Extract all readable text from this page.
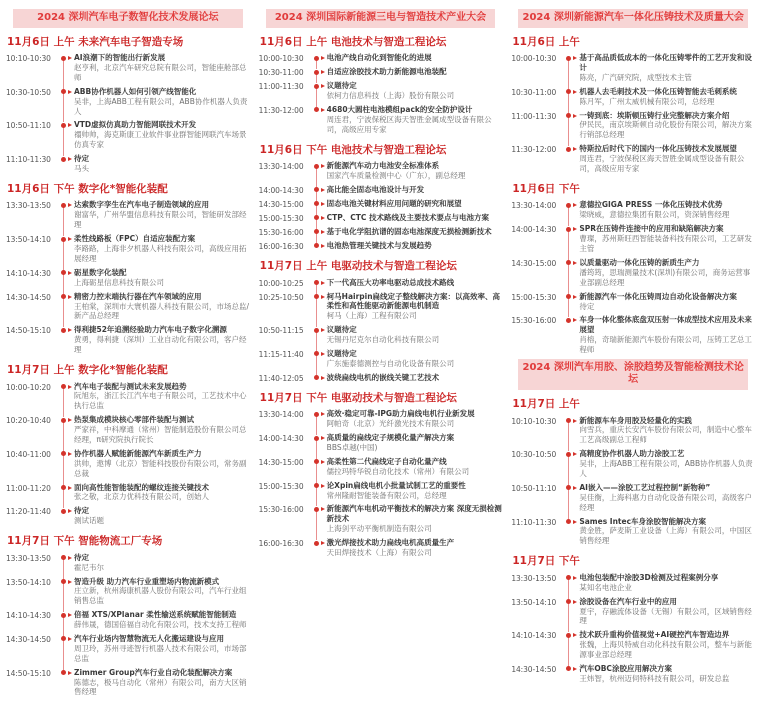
2024 深圳汽车电子数智化技术发展论坛
11月6日 上午 未来汽车电子智造专场
10:10-10:30	AI浪潮下的智能出行新发展
赵亨利，北京汽车研究总院有限公司，智能座舱部总师
10:30-10:50	ABB协作机器人如何引领产线智能化
吴非，上海ABB工程有限公司，ABB协作机器人负责人
10:50-11:10	VTD虚拟仿真助力智能网联技术开发
禤帅帅，海克斯康工业软件事业群智能网联汽车场景仿真专家
11:10-11:30	待定
马头
11月6日 下午 数字化*智能化装配
13:30-13:50	达索数字孪生在汽车电子制造领域的应用
谢富华，广州华盟信息科技有限公司，智能研发部经理
13:50-14:10	柔性线路板（FPC）自适应装配方案
李路路，上海非夕机器人科技有限公司，高级应用拓展经理
14:10-14:30	砺星数字化装配
上海砺星信息科技有限公司
14:30-14:50	精密力控末端执行器在汽车领域的应用
王柏棠，深圳市大寰机器人科技有限公司，市场总监/新产品总经理
14:50-15:10	得利捷52年追溯经验助力汽车电子数字化溯源
黄勇，得利捷（深圳）工业自动化有限公司，客户经理
11月7日 上午 数字化*智能化装配
10:00-10:20	汽车电子装配与测试未来发展趋势
阮旭东，浙江长江汽车电子有限公司，工艺技术中心 执行总监
10:20-10:40	热泵集成模块核心零部件装配与测试
严家祥，中科摩通（常州）智能制造股份有限公司总经理，π研究院执行院长
10:40-11:00	协作机器人赋能新能源汽车新质生产力
洪帅，遨博（北京）智能科技股份有限公司，常务副总裁
11:00-11:20	面向高性能智能装配的螺纹连接关键技术
张之敬，北京力优科技有限公司，创始人
11:20-11:40	待定
测试话题
11月7日 下午 智能物流工厂专场
13:30-13:50	待定
霍尼韦尔
13:50-14:10	智造升级 助力汽车行业重塑场内物流新模式
庄立新，杭州海康机器人股份有限公司，汽车行业组销售总监
14:10-14:30	倍福 XTS/XPlanar 柔性输送系统赋能智能制造
薛伟晟，德国倍福自动化有限公司，技术支持工程师
14:30-14:50	汽车行业场内智慧物流无人化搬运建设与应用
周卫玲，苏州寻迹智行机器人技术有限公司，市场部总监
14:50-15:10	Zimmer Group汽车行业自动化装配解决方案
陈德志，极马自动化（常州）有限公司，南方大区销售经理
2024 深圳国际新能源三电与智造技术产业大会
11月6日 上午 电池技术与智造工程论坛
10:00-10:30	电池产线自动化到智能化的进展
10:30-11:00	自适应涂胶技术助力新能源电池装配
11:00-11:30	议题待定
依柯力信息科技（上海）股份有限公司
11:30-12:00	4680大圆柱电池模组pack的安全防护设计
周连君，宁波保税区海天智胜金属成型设备有限公司，高级应用专家
11月6日 下午 电池技术与智造工程论坛
13:30-14:00	新能源汽车动力电池安全标准体系
国家汽车质量检测中心（广东），副总经理
14:00-14:30	高比能全固态电池设计与开发
14:30-15:00	固态电池关键材料应用问题的研究和展望
15:00-15:30	CTP、CTC 技术路线及主要技术要点与电池方案
15:30-16:00	基于电化学阻抗谱的固态电池深度无损检测新技术
16:00-16:30	电池热管理关键技术与发展趋势
11月7日 上午 电驱动技术与智造工程论坛
10:00-10:25	下一代高压大功率电驱动总成技术路线
10:25-10:50	柯马Hairpin扁线定子整线解决方案：以高效率、高柔性和高性能驱动新能源电机制造
柯马（上海）工程有限公司
10:50-11:15	议题待定
无锡丹尼克尔自动化科技有限公司
11:15-11:40	议题待定
广东施泰德测控与自动化设备有限公司
11:40-12:05	波绕扁线电机的嵌线关键工艺技术
11月7日 下午 电驱动技术与智造工程论坛
13:30-14:00	高效·稳定可靠-IPG助力扁线电机行业新发展
阿帕奇（北京）光纤激光技术有限公司
14:00-14:30	高质量的扁线定子规模化量产解决方案
BBS卓越(中国)
14:30-15:00	高柔性第二代扁线定子自动化量产线
儒拉玛特华锐自动化技术（常州）有限公司
15:00-15:30	论Xpin扁线电机小批量试制工艺的重要性
常州隆耐智能装备有限公司，总经理
15:30-16:00	新能源汽车电机动平衡技术的解决方案 深度无损检测新技术
上海剑平动平衡机制造有限公司
16:00-16:30	激光焊接技术助力扁线电机高质量生产
天田焊接技术（上海）有限公司
2024 深圳新能源汽车一体化压铸技术及质量大会
11月6日 上午
10:00-10:30	基于高品质低成本的一体化压铸零件的工艺开发和设计
陈亮，广汽研究院，成型技术主管
10:30-11:00	机器人去毛刺技术及一体化压铸智能去毛刺系统
陈月军，广州太威机械有限公司，总经理
11:00-11:30	一铸到底：埃斯顿压铸行业完整解决方案介绍
伊民民，南京埃斯顿自动化股份有限公司，解决方案行销部总经理
11:30-12:00	特斯拉后时代下的国内一体化压铸技术发展展望
周连君，宁波保税区海天智胜金属成型设备有限公司，高级应用专家
11月6日 下午
13:30-14:00	意德拉GIGA PRESS 一体化压铸技术优势
梁晓威，意德拉集团有限公司，资深销售经理
14:00-14:30	SPR在压铸件连接中的应用和缺陷解决方案
曹璨，苏州斯旺西智能装备科技有限公司，工艺研发主管
14:30-15:00	以质量驱动一体化压铸的新质生产力
潘筠筠，思瑞测量技术(深圳)有限公司，商务运营事业部副总经理
15:00-15:30	新能源汽车一体化压铸周边自动化设备解决方案
待定
15:30-16:00	车身一体化整体底盘双压射一体成型技术应用及未来展望
肖榕，奇瑞新能源汽车股份有限公司，压铸工艺总工程师
2024 深圳汽车用胶、涂胶趋势及智能检测技术论坛
11月7日 上午
10:10-10:30	新能源车车身用胶及轻量化的实践
向雪兵，重庆长安汽车股份有限公司，制造中心整车工艺高级副总工程师
10:30-10:50	高精度协作机器人助力涂胶工艺
吴非，上海ABB工程有限公司，ABB协作机器人负责人
10:50-11:10	AI嵌入——涂胶工艺过程控制“新物种”
吴佳衡，上海科惠力自动化设备有限公司，高级客户经理
11:10-11:30	Sames Intec车身涂胶智能解决方案
黄金胜，萨麦斯工业设备（上海）有限公司，中国区销售经理
11月7日 下午
13:30-13:50	电池包装配中涂胶3D检测及过程案例分享
某知名电池企业
13:50-14:10	涂胶设备在汽车行业中的应用
夏宇，存融流体设备（无锡）有限公司，区域销售经理
14:10-14:30	技术跃升重构价值视觉+AI硬控汽车智造边界
张魏，上海贝特威自动化科技有限公司，整车与新能源事业部总经理
14:30-14:50	汽车OBC涂胶应用解决方案
王炜智，杭州迈伺特科技有限公司，研发总监
